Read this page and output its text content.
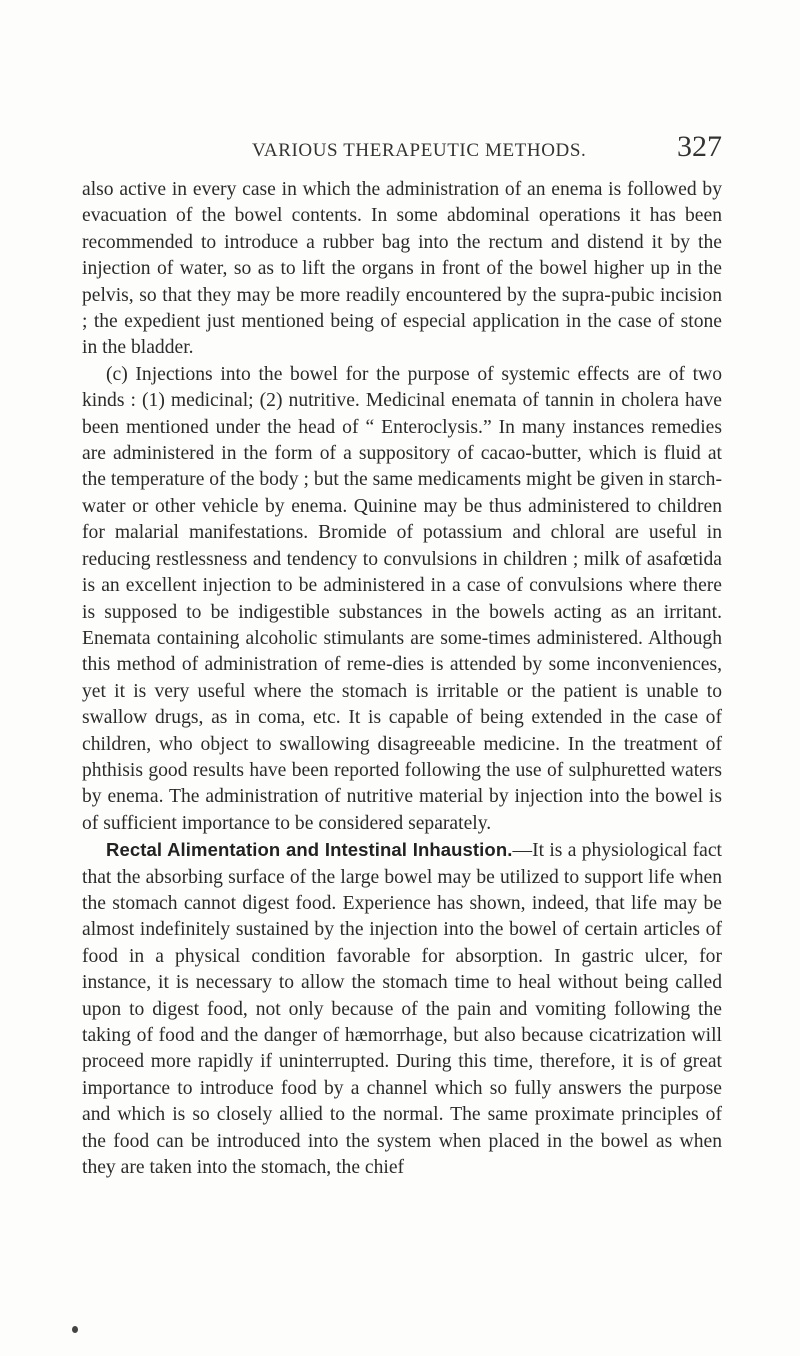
VARIOUS THERAPEUTIC METHODS.	327

also active in every case in which the administration of an enema is followed by evacuation of the bowel contents. In some abdominal operations it has been recommended to introduce a rubber bag into the rectum and distend it by the injection of water, so as to lift the organs in front of the bowel higher up in the pelvis, so that they may be more readily encountered by the supra-pubic incision ; the expedient just mentioned being of especial application in the case of stone in the bladder.

(c) Injections into the bowel for the purpose of systemic effects are of two kinds : (1) medicinal; (2) nutritive. Medicinal enemata of tannin in cholera have been mentioned under the head of “ Enteroclysis.” In many instances remedies are administered in the form of a suppository of cacao-butter, which is fluid at the temperature of the body ; but the same medicaments might be given in starch-water or other vehicle by enema. Quinine may be thus administered to children for malarial manifestations. Bromide of potassium and chloral are useful in reducing restlessness and tendency to convulsions in children ; milk of asafœtida is an excellent injection to be administered in a case of convulsions where there is supposed to be indigestible substances in the bowels acting as an irritant. Enemata containing alcoholic stimulants are some-times administered. Although this method of administration of reme-dies is attended by some inconveniences, yet it is very useful where the stomach is irritable or the patient is unable to swallow drugs, as in coma, etc. It is capable of being extended in the case of children, who object to swallowing disagreeable medicine. In the treatment of phthisis good results have been reported following the use of sulphuretted waters by enema. The administration of nutritive material by injection into the bowel is of sufficient importance to be considered separately.

Rectal Alimentation and Intestinal Inhaustion.—It is a physiological fact that the absorbing surface of the large bowel may be utilized to support life when the stomach cannot digest food. Experience has shown, indeed, that life may be almost indefinitely sustained by the injection into the bowel of certain articles of food in a physical condition favorable for absorption. In gastric ulcer, for instance, it is necessary to allow the stomach time to heal without being called upon to digest food, not only because of the pain and vomiting following the taking of food and the danger of hæmorrhage, but also because cicatrization will proceed more rapidly if uninterrupted. During this time, therefore, it is of great importance to introduce food by a channel which so fully answers the purpose and which is so closely allied to the normal. The same proximate principles of the food can be introduced into the system when placed in the bowel as when they are taken into the stomach, the chief
